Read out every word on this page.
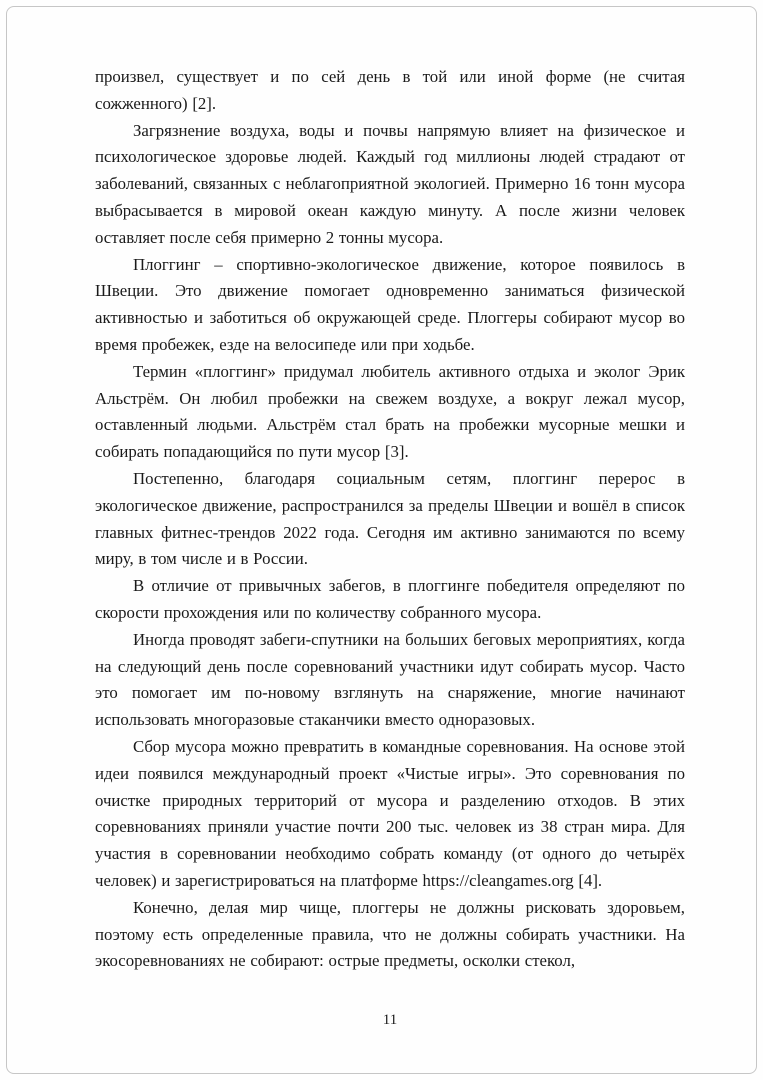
произвел, существует и по сей день в той или иной форме (не считая сожженного) [2].

Загрязнение воздуха, воды и почвы напрямую влияет на физическое и психологическое здоровье людей. Каждый год миллионы людей страдают от заболеваний, связанных с неблагоприятной экологией. Примерно 16 тонн мусора выбрасывается в мировой океан каждую минуту. А после жизни человек оставляет после себя примерно 2 тонны мусора.

Плоггинг – спортивно-экологическое движение, которое появилось в Швеции. Это движение помогает одновременно заниматься физической активностью и заботиться об окружающей среде. Плоггеры собирают мусор во время пробежек, езде на велосипеде или при ходьбе.

Термин «плоггинг» придумал любитель активного отдыха и эколог Эрик Альстрём. Он любил пробежки на свежем воздухе, а вокруг лежал мусор, оставленный людьми. Альстрём стал брать на пробежки мусорные мешки и собирать попадающийся по пути мусор [3].

Постепенно, благодаря социальным сетям, плоггинг перерос в экологическое движение, распространился за пределы Швеции и вошёл в список главных фитнес-трендов 2022 года. Сегодня им активно занимаются по всему миру, в том числе и в России.

В отличие от привычных забегов, в плоггинге победителя определяют по скорости прохождения или по количеству собранного мусора.

Иногда проводят забеги-спутники на больших беговых мероприятиях, когда на следующий день после соревнований участники идут собирать мусор. Часто это помогает им по-новому взглянуть на снаряжение, многие начинают использовать многоразовые стаканчики вместо одноразовых.

Сбор мусора можно превратить в командные соревнования. На основе этой идеи появился международный проект «Чистые игры». Это соревнования по очистке природных территорий от мусора и разделению отходов. В этих соревнованиях приняли участие почти 200 тыс. человек из 38 стран мира. Для участия в соревновании необходимо собрать команду (от одного до четырёх человек) и зарегистрироваться на платформе https://cleangames.org [4].

Конечно, делая мир чище, плоггеры не должны рисковать здоровьем, поэтому есть определенные правила, что не должны собирать участники. На экосоревнованиях не собирают: острые предметы, осколки стекол,

11
